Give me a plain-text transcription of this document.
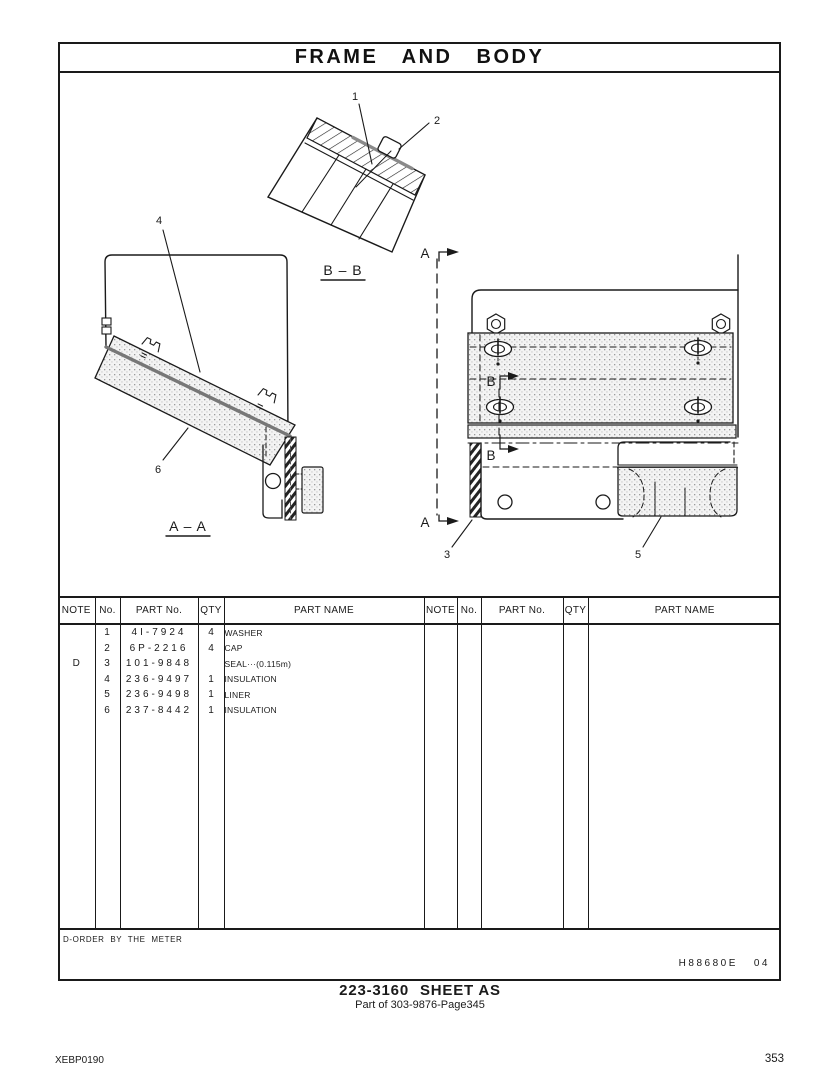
FRAME AND BODY
1
2
B – B
4
6
A – A
A
A
B
B
3	5
NOTE	No.	PART No.	QTY	PART NAME	NOTE	No.	PART No.	QTY	PART NAME
	1	4I-7924	4	WASHER					
	2	6P-2216	4	CAP					
D	3	101-9848		SEAL···(0.115m)					
	4	236-9497	1	INSULATION					
	5	236-9498	1	LINER					
	6	237-8442	1	INSULATION					

D-ORDER BY THE METER
H88680E 04
223-3160 SHEET AS
Part of 303-9876-Page345
XEBP0190	353
